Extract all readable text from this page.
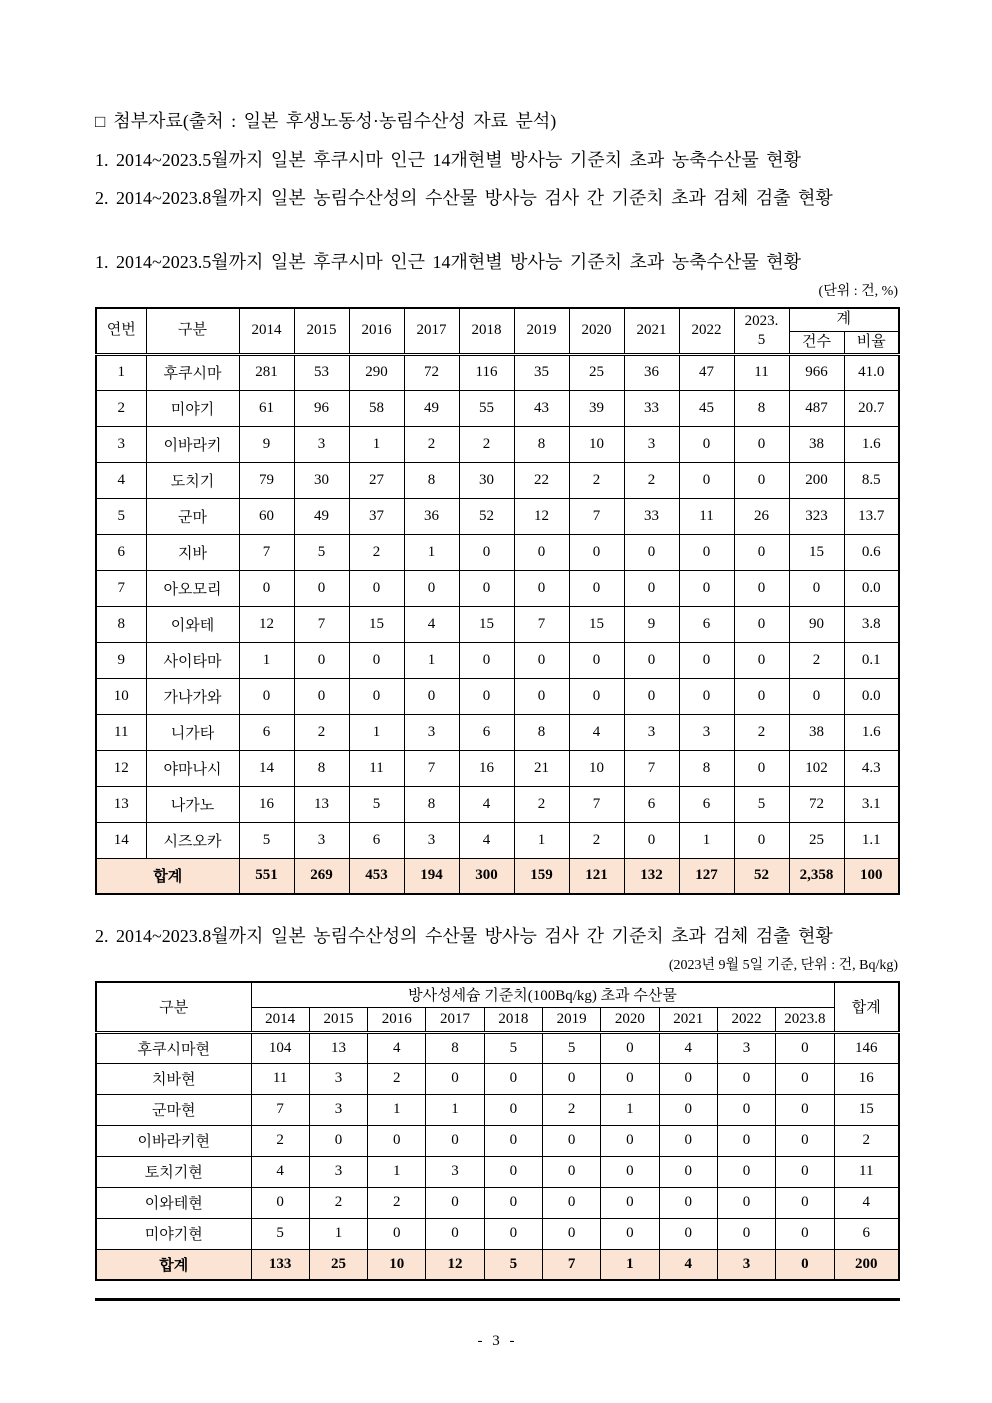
□ 첨부자료(출처 : 일본 후생노동성·농림수산성 자료 분석)

1. 2014~2023.5월까지 일본 후쿠시마 인근 14개현별 방사능 기준치 초과 농축수산물 현황

2. 2014~2023.8월까지 일본 농림수산성의 수산물 방사능 검사 간 기준치 초과 검체 검출 현황

1. 2014~2023.5월까지 일본 후쿠시마 인근 14개현별 방사능 기준치 초과 농축수산물 현황
(단위 : 건, %)
연번	구분	2014	2015	2016	2017	2018	2019	2020	2021	2022	2023.
5	계	
												건수	비율
1	후쿠시마	281	53	290	72	116	35	25	36	47	11	966	41.0
2	미야기	61	96	58	49	55	43	39	33	45	8	487	20.7
3	이바라키	9	3	1	2	2	8	10	3	0	0	38	1.6
4	도치기	79	30	27	8	30	22	2	2	0	0	200	8.5
5	군마	60	49	37	36	52	12	7	33	11	26	323	13.7
6	지바	7	5	2	1	0	0	0	0	0	0	15	0.6
7	아오모리	0	0	0	0	0	0	0	0	0	0	0	0.0
8	이와테	12	7	15	4	15	7	15	9	6	0	90	3.8
9	사이타마	1	0	0	1	0	0	0	0	0	0	2	0.1
10	가나가와	0	0	0	0	0	0	0	0	0	0	0	0.0
11	니가타	6	2	1	3	6	8	4	3	3	2	38	1.6
12	야마나시	14	8	11	7	16	21	10	7	8	0	102	4.3
13	나가노	16	13	5	8	4	2	7	6	6	5	72	3.1
14	시즈오카	5	3	6	3	4	1	2	0	1	0	25	1.1
합계		551	269	453	194	300	159	121	132	127	52	2,358	100
2. 2014~2023.8월까지 일본 농림수산성의 수산물 방사능 검사 간 기준치 초과 검체 검출 현황
(2023년 9월 5일 기준, 단위 : 건, Bq/kg)
구분	방사성세슘 기준치(100Bq/kg) 초과 수산물										합계
	2014	2015	2016	2017	2018	2019	2020	2021	2022	2023.8	
후쿠시마현	104	13	4	8	5	5	0	4	3	0	146
치바현	11	3	2	0	0	0	0	0	0	0	16
군마현	7	3	1	1	0	2	1	0	0	0	15
이바라키현	2	0	0	0	0	0	0	0	0	0	2
토치기현	4	3	1	3	0	0	0	0	0	0	11
이와테현	0	2	2	0	0	0	0	0	0	0	4
미야기현	5	1	0	0	0	0	0	0	0	0	6
합계	133	25	10	12	5	7	1	4	3	0	200
- 3 -
